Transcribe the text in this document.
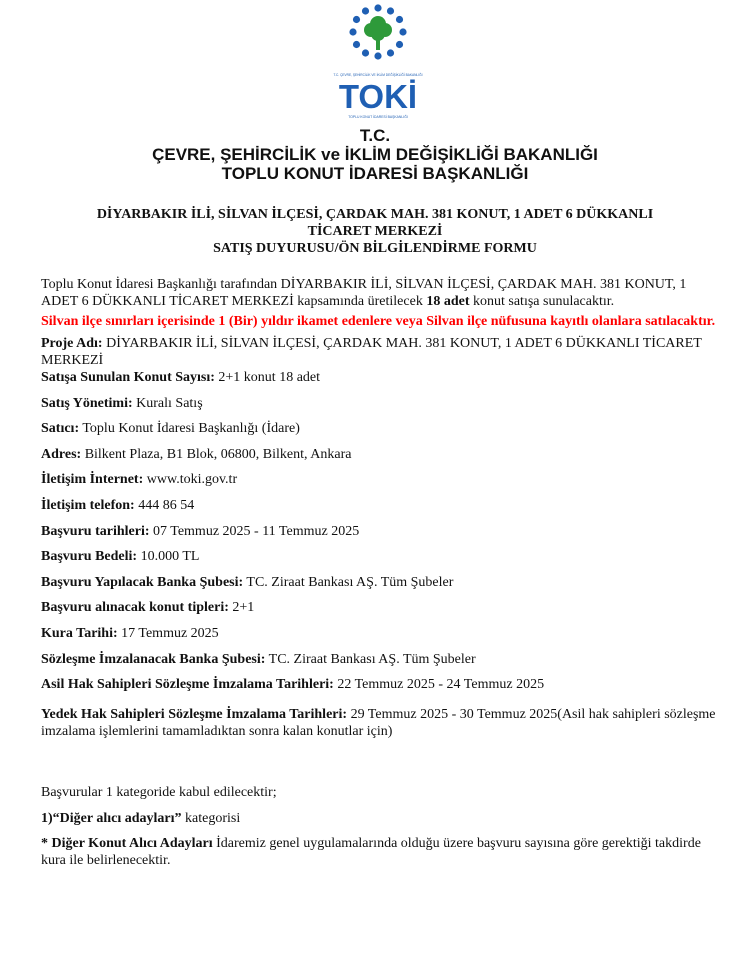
T.C. ÇEVRE, ŞEHİRCİLİK VE İKLİM DEĞİŞİKLİĞİ BAKANLIĞI
TOKİ
TOPLU KONUT İDARESİ BAŞKANLIĞI
T.C.
ÇEVRE, ŞEHİRCİLİK ve İKLİM DEĞİŞİKLİĞİ BAKANLIĞI
TOPLU KONUT İDARESİ BAŞKANLIĞI
DİYARBAKIR İLİ, SİLVAN İLÇESİ, ÇARDAK MAH. 381 KONUT, 1 ADET 6 DÜKKANLI
TİCARET MERKEZİ
SATIŞ DUYURUSU/ÖN BİLGİLENDİRME FORMU

Toplu Konut İdaresi Başkanlığı tarafından DİYARBAKIR İLİ, SİLVAN İLÇESİ, ÇARDAK MAH. 381 KONUT, 1 ADET 6 DÜKKANLI TİCARET MERKEZİ kapsamında üretilecek 18 adet konut satışa sunulacaktır.

Silvan ilçe sınırları içerisinde 1 (Bir) yıldır ikamet edenlere veya Silvan ilçe nüfusuna kayıtlı olanlara satılacaktır.

Proje Adı: DİYARBAKIR İLİ, SİLVAN İLÇESİ, ÇARDAK MAH. 381 KONUT, 1 ADET 6 DÜKKANLI TİCARET MERKEZİ

Satışa Sunulan Konut Sayısı: 2+1 konut 18 adet

Satış Yönetimi: Kuralı Satış

Satıcı: Toplu Konut İdaresi Başkanlığı (İdare)

Adres: Bilkent Plaza, B1 Blok, 06800, Bilkent, Ankara

İletişim İnternet: www.toki.gov.tr

İletişim telefon: 444 86 54

Başvuru tarihleri: 07 Temmuz 2025 - 11 Temmuz 2025

Başvuru Bedeli: 10.000 TL

Başvuru Yapılacak Banka Şubesi: TC. Ziraat Bankası AŞ. Tüm Şubeler

Başvuru alınacak konut tipleri: 2+1

Kura Tarihi: 17 Temmuz 2025

Sözleşme İmzalanacak Banka Şubesi: TC. Ziraat Bankası AŞ. Tüm Şubeler

Asil Hak Sahipleri Sözleşme İmzalama Tarihleri: 22 Temmuz 2025 - 24 Temmuz 2025

Yedek Hak Sahipleri Sözleşme İmzalama Tarihleri: 29 Temmuz 2025 - 30 Temmuz 2025(Asil hak sahipleri sözleşme imzalama işlemlerini tamamladıktan sonra kalan konutlar için)

Başvurular 1 kategoride kabul edilecektir;

1)“Diğer alıcı adayları” kategorisi

* Diğer Konut Alıcı Adayları İdaremiz genel uygulamalarında olduğu üzere başvuru sayısına göre gerektiği takdirde kura ile belirlenecektir.
